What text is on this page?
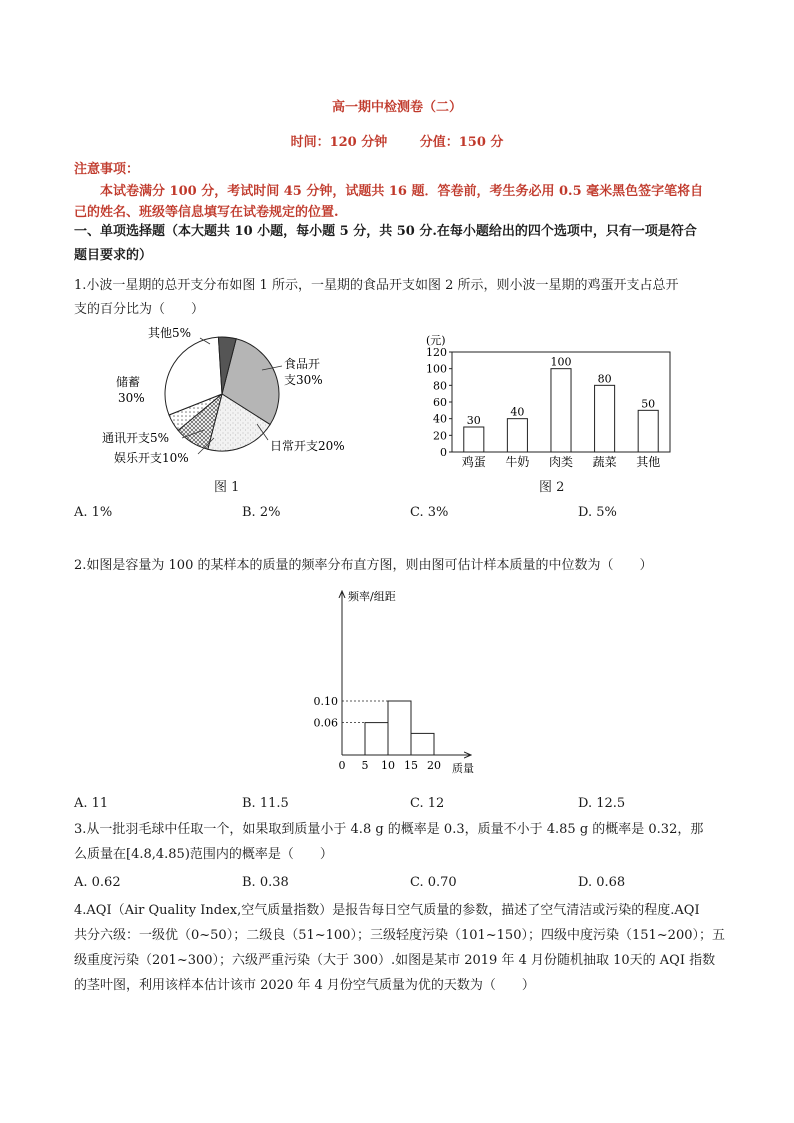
高一期中检测卷（二）
时间：120 分钟	分值：150 分
注意事项：
本试卷满分 100 分，考试时间 45 分钟，试题共 16 题．答卷前，考生务必用 0.5 毫米黑色签字笔将自
己的姓名、班级等信息填写在试卷规定的位置.
一、单项选择题（本大题共 10 小题，每小题 5 分，共 50 分.在每小题给出的四个选项中，只有一项是符合
题目要求的）
1.小波一星期的总开支分布如图 1 所示，一星期的食品开支如图 2 所示，则小波一星期的鸡蛋开支占总开
支的百分比为（　　）
其他5%
食品开
支30%
储蓄
30%
通讯开支5%
娱乐开支10%
日常开支20%
图 1
(元)
0
20
40
60
80
100
120
30
鸡蛋
40
牛奶
100
肉类
80
蔬菜
50
其他
图 2
A. 1%	B. 2%	C. 3%	D. 5%
2.如图是容量为 100 的某样本的质量的频率分布直方图，则由图可估计样本质量的中位数为（　　）
频率/组距
质量
0.10
0.06
0 5 10 15 20
A. 11	B. 11.5	C. 12	D. 12.5
3.从一批羽毛球中任取一个，如果取到质量小于 4.8 g 的概率是 0.3，质量不小于 4.85 g 的概率是 0.32，那
么质量在[4.8,4.85)范围内的概率是（　　）
A. 0.62	B. 0.38	C. 0.70	D. 0.68
4.AQI（Air Quality Index,空气质量指数）是报告每日空气质量的参数，描述了空气清洁或污染的程度.AQI
共分六级：一级优（0~50）；二级良（51~100）；三级轻度污染（101~150）；四级中度污染（151~200）；五
级重度污染（201~300）；六级严重污染（大于 300）.如图是某市 2019 年 4 月份随机抽取 10天的 AQI 指数
的茎叶图，利用该样本估计该市 2020 年 4 月份空气质量为优的天数为（　　）
